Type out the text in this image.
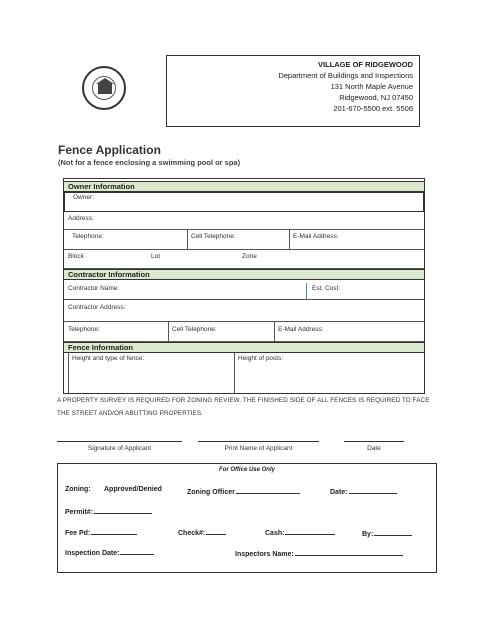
VILLAGE OF RIDGEWOOD
Department of Buildings and Inspections
131 North Maple Avenue
Ridgewood, NJ 07450
201-670-5500 ext. 5506
Fence Application
(Not for a fence enclosing a swimming pool or spa)
Owner Information
Owner:
Address:
Telephone:	Cell Telephone:	E-Mail Address:
Block	Lot	Zone
Contractor Information
Contractor Name:	Est. Cost:
Contractor Address:
Telephone:	Cell Telephone:	E-Mail Address:
Fence Information
Height and type of fence:	Height of posts:
A PROPERTY SURVEY IS REQUIRED FOR ZONING REVIEW. THE FINISHED SIDE OF ALL FENCES IS REQUIRED TO FACE THE STREET AND/OR ABUTTING PROPERTIES.
Signature of Applicant	Print Name of Applicant	Date
For Office Use Only
Zoning: Approved/Denied	Zoning Officer	Date:
Permit#:
Fee Pd:	Check#:	Cash:	By:
Inspection Date:	Inspectors Name:
